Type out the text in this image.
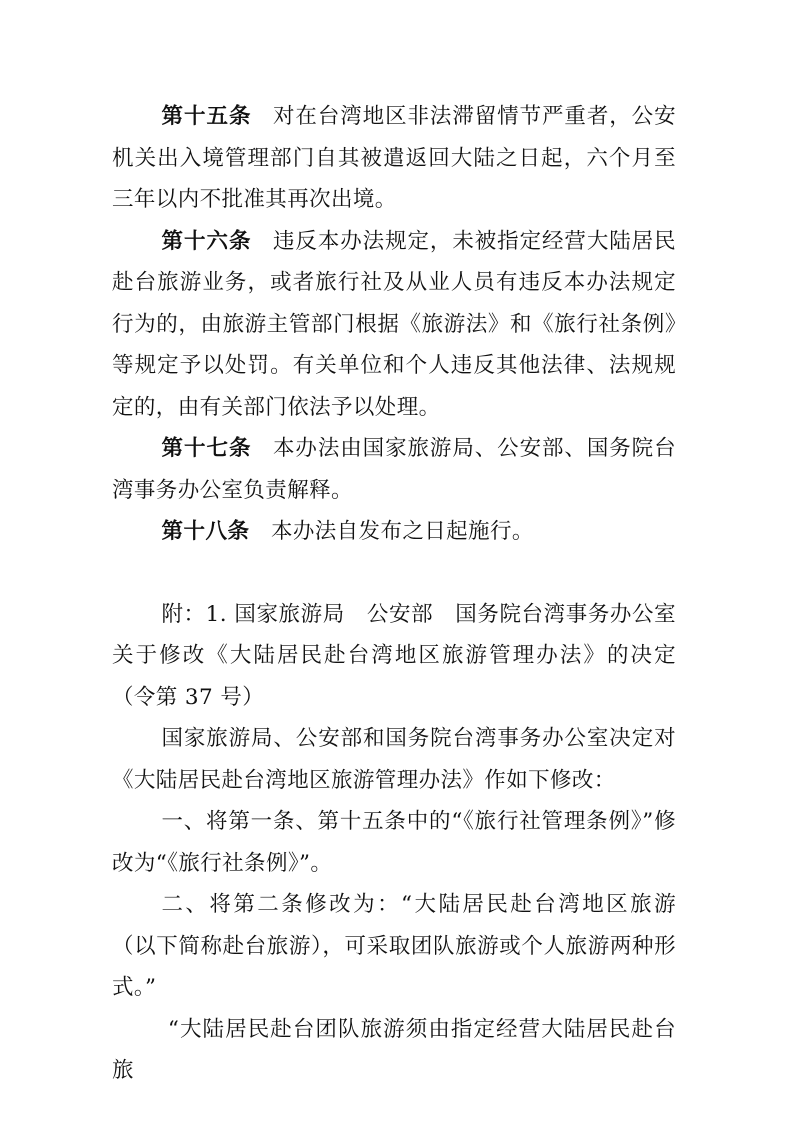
第十五条 对在台湾地区非法滞留情节严重者，公安机关出入境管理部门自其被遣返回大陆之日起，六个月至三年以内不批准其再次出境。

第十六条 违反本办法规定，未被指定经营大陆居民赴台旅游业务，或者旅行社及从业人员有违反本办法规定行为的，由旅游主管部门根据《旅游法》和《旅行社条例》等规定予以处罚。有关单位和个人违反其他法律、法规规定的，由有关部门依法予以处理。

第十七条 本办法由国家旅游局、公安部、国务院台湾事务办公室负责解释。

第十八条 本办法自发布之日起施行。

附：1. 国家旅游局　公安部　国务院台湾事务办公室关于修改《大陆居民赴台湾地区旅游管理办法》的决定（令第 37 号）

国家旅游局、公安部和国务院台湾事务办公室决定对《大陆居民赴台湾地区旅游管理办法》作如下修改：

一、将第一条、第十五条中的“《旅行社管理条例》”修改为“《旅行社条例》”。

二、将第二条修改为：“大陆居民赴台湾地区旅游（以下简称赴台旅游），可采取团队旅游或个人旅游两种形式。”

“大陆居民赴台团队旅游须由指定经营大陆居民赴台旅
